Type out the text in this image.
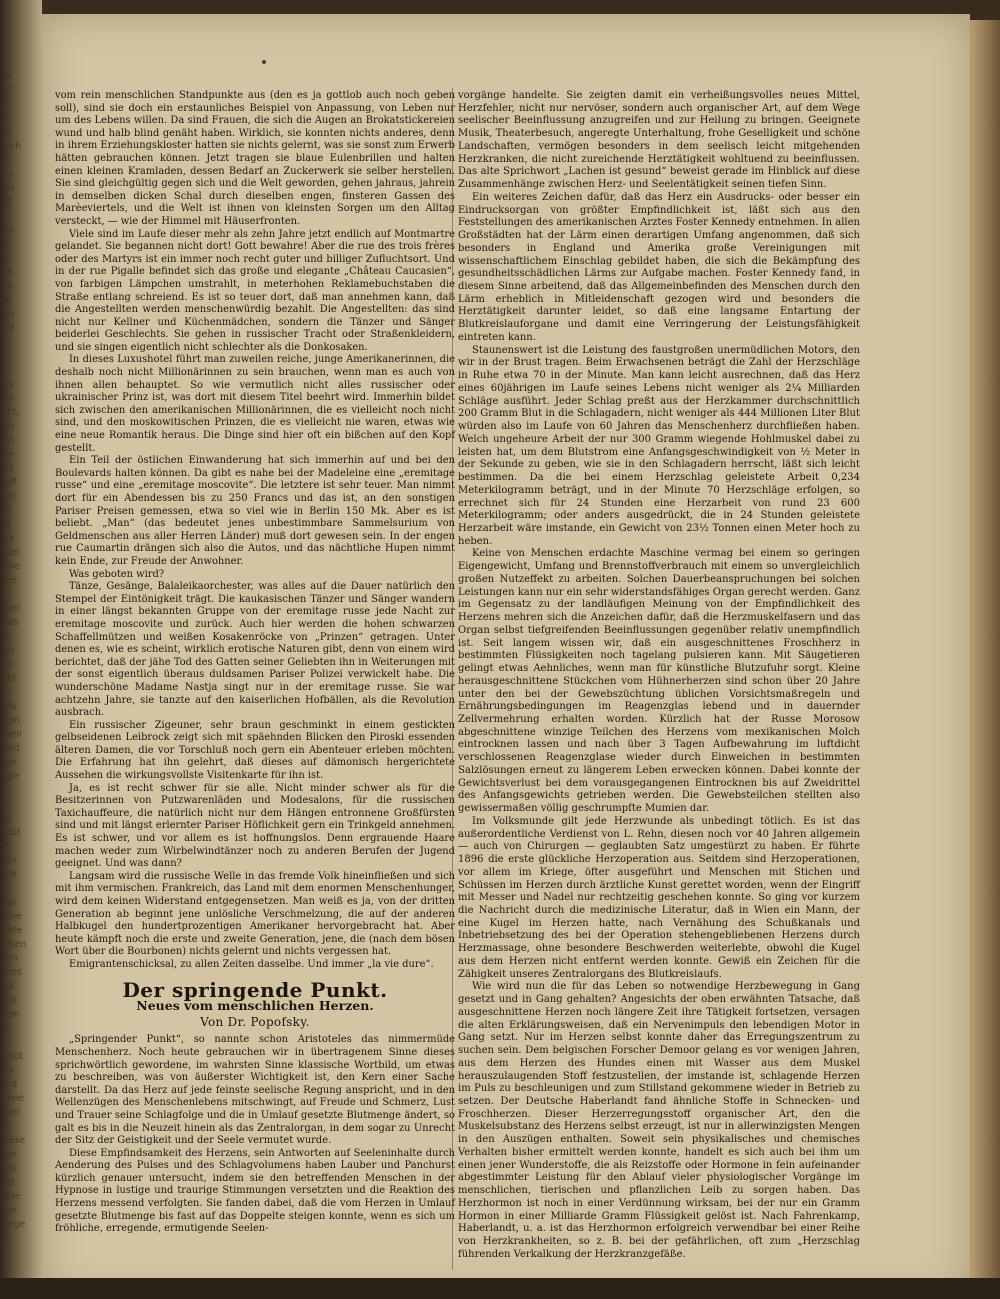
ch
erf
st,
in
ne
nsch
en
n's
hm
oft

hm
Er
rd,
ich
ich
ob
her
lnd

bis
ein
icht,
ein
fen
bie
Rul
aoft
veri
nd
zu
are
ndel
ame
nee

aber
Was
m
der
ihn
icht

gris.
man
chen
bald
den
ogle

e
zu
hebt
se
Jahr
feht
in
ngs
sene
ichte
orben
thm
ihres
gut.
mill
bem
kt

neibt
nur
und
sinne
aber
Er
Diese
nen
beit
Ret
Fälle
hen
kerge
in

vom rein menschlichen Standpunkte aus (den es ja gottlob auch noch geben soll), sind sie doch ein erstaunliches Beispiel von Anpassung, von Leben nur um des Lebens willen. Da sind Frauen, die sich die Augen an Brokatstickereien wund und halb blind genäht haben. Wirklich, sie konnten nichts anderes, denn in ihrem Erziehungskloster hatten sie nichts gelernt, was sie sonst zum Erwerb hätten gebrauchen können. Jetzt tragen sie blaue Eulenbrillen und halten einen kleinen Kramladen, dessen Bedarf an Zuckerwerk sie selber herstellen. Sie sind gleichgültig gegen sich und die Welt geworden, gehen jahraus, jahrein in demselben dicken Schal durch dieselben engen, finsteren Gassen des Marèeviertels, und die Welt ist ihnen von kleinsten Sorgen um den Alltag versteckt, — wie der Himmel mit Häuserfronten.

Viele sind im Laufe dieser mehr als zehn Jahre jetzt endlich auf Montmartre gelandet. Sie begannen nicht dort! Gott bewahre! Aber die rue des trois frères oder des Martyrs ist ein immer noch recht guter und billiger Zufluchtsort. Und in der rue Pigalle befindet sich das große und elegante „Château Caucasien“, von farbigen Lämpchen umstrahlt, in meterhohen Reklamebuchstaben die Straße entlang schreiend. Es ist so teuer dort, daß man annehmen kann, daß die Angestellten werden menschenwürdig bezahlt. Die Angestellten: das sind nicht nur Kellner und Küchenmädchen, sondern die Tänzer und Sänger beiderlei Geschlechts. Sie gehen in russischer Tracht oder Straßenkleidern, und sie singen eigentlich nicht schlechter als die Donkosaken.

In dieses Luxushotel führt man zuweilen reiche, junge Amerikanerinnen, die deshalb noch nicht Millionärinnen zu sein brauchen, wenn man es auch von ihnen allen behauptet. So wie vermutlich nicht alles russischer oder ukrainischer Prinz ist, was dort mit diesem Titel beehrt wird. Immerhin bildet sich zwischen den amerikanischen Millionärinnen, die es vielleicht noch nicht sind, und den moskowitischen Prinzen, die es vielleicht nie waren, etwas wie eine neue Romantik heraus. Die Dinge sind hier oft ein bißchen auf den Kopf gestellt.

Ein Teil der östlichen Einwanderung hat sich immerhin auf und bei den Boulevards halten können. Da gibt es nahe bei der Madeleine eine „eremitage russe“ und eine „eremitage moscovite“. Die letztere ist sehr teuer. Man nimmt dort für ein Abendessen bis zu 250 Francs und das ist, an den sonstigen Pariser Preisen gemessen, etwa so viel wie in Berlin 150 Mk. Aber es ist beliebt. „Man“ (das bedeutet jenes unbestimmbare Sammelsurium von Geldmenschen aus aller Herren Länder) muß dort gewesen sein. In der engen rue Caumartin drängen sich also die Autos, und das nächtliche Hupen nimmt kein Ende, zur Freude der Anwohner.

Was geboten wird?

Tänze, Gesänge, Balaleikaorchester, was alles auf die Dauer natürlich den Stempel der Eintönigkeit trägt. Die kaukasischen Tänzer und Sänger wandern in einer längst bekannten Gruppe von der eremitage russe jede Nacht zur eremitage moscovite und zurück. Auch hier werden die hohen schwarzen Schaffellmützen und weißen Kosakenröcke von „Prinzen“ getragen. Unter denen es, wie es scheint, wirklich erotische Naturen gibt, denn von einem wird berichtet, daß der jähe Tod des Gatten seiner Geliebten ihn in Weiterungen mit der sonst eigentlich überaus duldsamen Pariser Polizei verwickelt habe. Die wunderschöne Madame Nastja singt nur in der eremitage russe. Sie war achtzehn Jahre, sie tanzte auf den kaiserlichen Hofbällen, als die Revolution ausbrach.

Ein russischer Zigeuner, sehr braun geschminkt in einem gestickten gelbseidenen Leibrock zeigt sich mit späehnden Blicken den Piroski essenden älteren Damen, die vor Torschluß noch gern ein Abenteuer erleben möchten. Die Erfahrung hat ihn gelehrt, daß dieses auf dämonisch hergerichtete Aussehen die wirkungsvollste Visitenkarte für ihn ist.

Ja, es ist recht schwer für sie alle. Nicht minder schwer als für die Besitzerinnen von Putzwarenläden und Modesalons, für die russischen Taxichauffeure, die natürlich nicht nur dem Hängen entronnene Großfürsten sind und mit längst erlernter Pariser Höflichkeit gern ein Trinkgeld annehmen. Es ist schwer, und vor allem es ist hoffnungslos. Denn ergrauende Haare machen weder zum Wirbelwindtänzer noch zu anderen Berufen der Jugend geeignet. Und was dann?

Langsam wird die russische Welle in das fremde Volk hineinfließen und sich mit ihm vermischen. Frankreich, das Land mit dem enormen Menschenhunger, wird dem keinen Widerstand entgegensetzen. Man weiß es ja, von der dritten Generation ab beginnt jene unlösliche Verschmelzung, die auf der anderen Halbkugel den hundertprozentigen Amerikaner hervorgebracht hat. Aber heute kämpft noch die erste und zweite Generation, jene, die (nach dem bösen Wort über die Bourbonen) nichts gelernt und nichts vergessen hat.

Emigrantenschicksal, zu allen Zeiten dasselbe. Und immer „la vie dure“.

Der springende Punkt.
Neues vom menschlichen Herzen.
Von Dr. Popofsky.

„Springender Punkt“, so nannte schon Aristoteles das nimmermüde Menschenherz. Noch heute gebrauchen wir in übertragenem Sinne dieses sprichwörtlich gewordene, im wahrsten Sinne klassische Wortbild, um etwas zu beschreiben, was von äußerster Wichtigkeit ist, den Kern einer Sache darstellt. Da das Herz auf jede feinste seelische Regung anspricht, und in den Wellenzügen des Menschenlebens mitschwingt, auf Freude und Schmerz, Lust und Trauer seine Schlagfolge und die in Umlauf gesetzte Blutmenge ändert, so galt es bis in die Neuzeit hinein als das Zentralorgan, in dem sogar zu Unrecht der Sitz der Geistigkeit und der Seele vermutet wurde.

Diese Empfindsamkeit des Herzens, sein Antworten auf Seeleninhalte durch Aenderung des Pulses und des Schlagvolumens haben Lauber und Panchurst kürzlich genauer untersucht, indem sie den betreffenden Menschen in der Hypnose in lustige und traurige Stimmungen versetzten und die Reaktion des Herzens messend verfolgten. Sie fanden dabei, daß die vom Herzen in Umlauf gesetzte Blutmenge bis fast auf das Doppelte steigen konnte, wenn es sich um fröhliche, erregende, ermutigende Seelen-

vorgänge handelte. Sie zeigten damit ein verheißungsvolles neues Mittel, Herzfehler, nicht nur nervöser, sondern auch organischer Art, auf dem Wege seelischer Beeinflussung anzugreifen und zur Heilung zu bringen. Geeignete Musik, Theaterbesuch, angeregte Unterhaltung, frohe Geselligkeit und schöne Landschaften, vermögen besonders in dem seelisch leicht mitgehenden Herzkranken, die nicht zureichende Herztätigkeit wohltuend zu beeinflussen. Das alte Sprichwort „Lachen ist gesund“ beweist gerade im Hinblick auf diese Zusammenhänge zwischen Herz- und Seelentätigkeit seinen tiefen Sinn.

Ein weiteres Zeichen dafür, daß das Herz ein Ausdrucks- oder besser ein Eindrucksorgan von größter Empfindlichkeit ist, läßt sich aus den Feststellungen des amerikanischen Arztes Foster Kennedy entnehmen. In allen Großstädten hat der Lärm einen derartigen Umfang angenommen, daß sich besonders in England und Amerika große Vereinigungen mit wissenschaftlichem Einschlag gebildet haben, die sich die Bekämpfung des gesundheitsschädlichen Lärms zur Aufgabe machen. Foster Kennedy fand, in diesem Sinne arbeitend, daß das Allgemeinbefinden des Menschen durch den Lärm erheblich in Mitleidenschaft gezogen wird und besonders die Herztätigkeit darunter leidet, so daß eine langsame Entartung der Blutkreislauforgane und damit eine Verringerung der Leistungsfähigkeit eintreten kann.

Staunenswert ist die Leistung des faustgroßen unermüdlichen Motors, den wir in der Brust tragen. Beim Erwachsenen beträgt die Zahl der Herzschläge in Ruhe etwa 70 in der Minute. Man kann leicht ausrechnen, daß das Herz eines 60jährigen im Laufe seines Lebens nicht weniger als 2¼ Milliarden Schläge ausführt. Jeder Schlag preßt aus der Herzkammer durchschnittlich 200 Gramm Blut in die Schlagadern, nicht weniger als 444 Millionen Liter Blut würden also im Laufe von 60 Jahren das Menschenherz durchfließen haben. Welch ungeheure Arbeit der nur 300 Gramm wiegende Hohlmuskel dabei zu leisten hat, um dem Blutstrom eine Anfangsgeschwindigkeit von ½ Meter in der Sekunde zu geben, wie sie in den Schlagadern herrscht, läßt sich leicht bestimmen. Da die bei einem Herzschlag geleistete Arbeit 0,234 Meterkilogramm beträgt, und in der Minute 70 Herzschläge erfolgen, so errechnet sich für 24 Stunden eine Herzarbeit von rund 23 600 Meterkilogramm; oder anders ausgedrückt, die in 24 Stunden geleistete Herzarbeit wäre imstande, ein Gewicht von 23½ Tonnen einen Meter hoch zu heben.

Keine von Menschen erdachte Maschine vermag bei einem so geringen Eigengewicht, Umfang und Brennstoffverbrauch mit einem so unvergleichlich großen Nutzeffekt zu arbeiten. Solchen Dauerbeanspruchungen bei solchen Leistungen kann nur ein sehr widerstandsfähiges Organ gerecht werden. Ganz im Gegensatz zu der landläufigen Meinung von der Empfindlichkeit des Herzens mehren sich die Anzeichen dafür, daß die Herzmuskelfasern und das Organ selbst tiefgreifenden Beeinflussungen gegenüber relativ unempfindlich ist. Seit langem wissen wir, daß ein ausgeschnittenes Froschherz in bestimmten Flüssigkeiten noch tagelang pulsieren kann. Mit Säugetieren gelingt etwas Aehnliches, wenn man für künstliche Blutzufuhr sorgt. Kleine herausgeschnittene Stückchen vom Hühnerherzen sind schon über 20 Jahre unter den bei der Gewebszüchtung üblichen Vorsichtsmaßregeln und Ernährungsbedingungen im Reagenzglas lebend und in dauernder Zellvermehrung erhalten worden. Kürzlich hat der Russe Morosow abgeschnittene winzige Teilchen des Herzens vom mexikanischen Molch eintrocknen lassen und nach über 3 Tagen Aufbewahrung im luftdicht verschlossenen Reagenzglase wieder durch Einweichen in bestimmten Salzlösungen erneut zu längerem Leben erwecken können. Dabei konnte der Gewichtsverlust bei dem vorausgegangenen Eintrocknen bis auf Zweidrittel des Anfangsgewichts getrieben werden. Die Gewebsteilchen stellten also gewissermaßen völlig geschrumpfte Mumien dar.

Im Volksmunde gilt jede Herzwunde als unbedingt tötlich. Es ist das außerordentliche Verdienst von L. Rehn, diesen noch vor 40 Jahren allgemein — auch von Chirurgen — geglaubten Satz umgestürzt zu haben. Er führte 1896 die erste glückliche Herzoperation aus. Seitdem sind Herzoperationen, vor allem im Kriege, öfter ausgeführt und Menschen mit Stichen und Schüssen im Herzen durch ärztliche Kunst gerettet worden, wenn der Eingriff mit Messer und Nadel nur rechtzeitig geschehen konnte. So ging vor kurzem die Nachricht durch die medizinische Literatur, daß in Wien ein Mann, der eine Kugel im Herzen hatte, nach Vernähung des Schußkanals und Inbetriebsetzung des bei der Operation stehengebliebenen Herzens durch Herzmassage, ohne besondere Beschwerden weiterlebte, obwohl die Kugel aus dem Herzen nicht entfernt werden konnte. Gewiß ein Zeichen für die Zähigkeit unseres Zentralorgans des Blutkreislaufs.

Wie wird nun die für das Leben so notwendige Herzbewegung in Gang gesetzt und in Gang gehalten? Angesichts der oben erwähnten Tatsache, daß ausgeschnittene Herzen noch längere Zeit ihre Tätigkeit fortsetzen, versagen die alten Erklärungsweisen, daß ein Nervenimpuls den lebendigen Motor in Gang setzt. Nur im Herzen selbst konnte daher das Erregungszentrum zu suchen sein. Dem belgischen Forscher Demoor gelang es vor wenigen Jahren, aus dem Herzen des Hundes einen mit Wasser aus dem Muskel herauszulaugenden Stoff festzustellen, der imstande ist, schlagende Herzen im Puls zu beschleunigen und zum Stillstand gekommene wieder in Betrieb zu setzen. Der Deutsche Haberlandt fand ähnliche Stoffe in Schnecken- und Froschherzen. Dieser Herzerregungsstoff organischer Art, den die Muskelsubstanz des Herzens selbst erzeugt, ist nur in allerwinzigsten Mengen in den Auszügen enthalten. Soweit sein physikalisches und chemisches Verhalten bisher ermittelt werden konnte, handelt es sich auch bei ihm um einen jener Wunderstoffe, die als Reizstoffe oder Hormone in fein aufeinander abgestimmter Leistung für den Ablauf vieler physiologischer Vorgänge im menschlichen, tierischen und pflanzlichen Leib zu sorgen haben. Das Herzhormon ist noch in einer Verdünnung wirksam, bei der nur ein Gramm Hormon in einer Milliarde Gramm Flüssigkeit gelöst ist. Nach Fahrenkamp, Haberlandt, u. a. ist das Herzhormon erfolgreich verwendbar bei einer Reihe von Herzkrankheiten, so z. B. bei der gefährlichen, oft zum „Herzschlag führenden Verkalkung der Herzkranzgefäße.
